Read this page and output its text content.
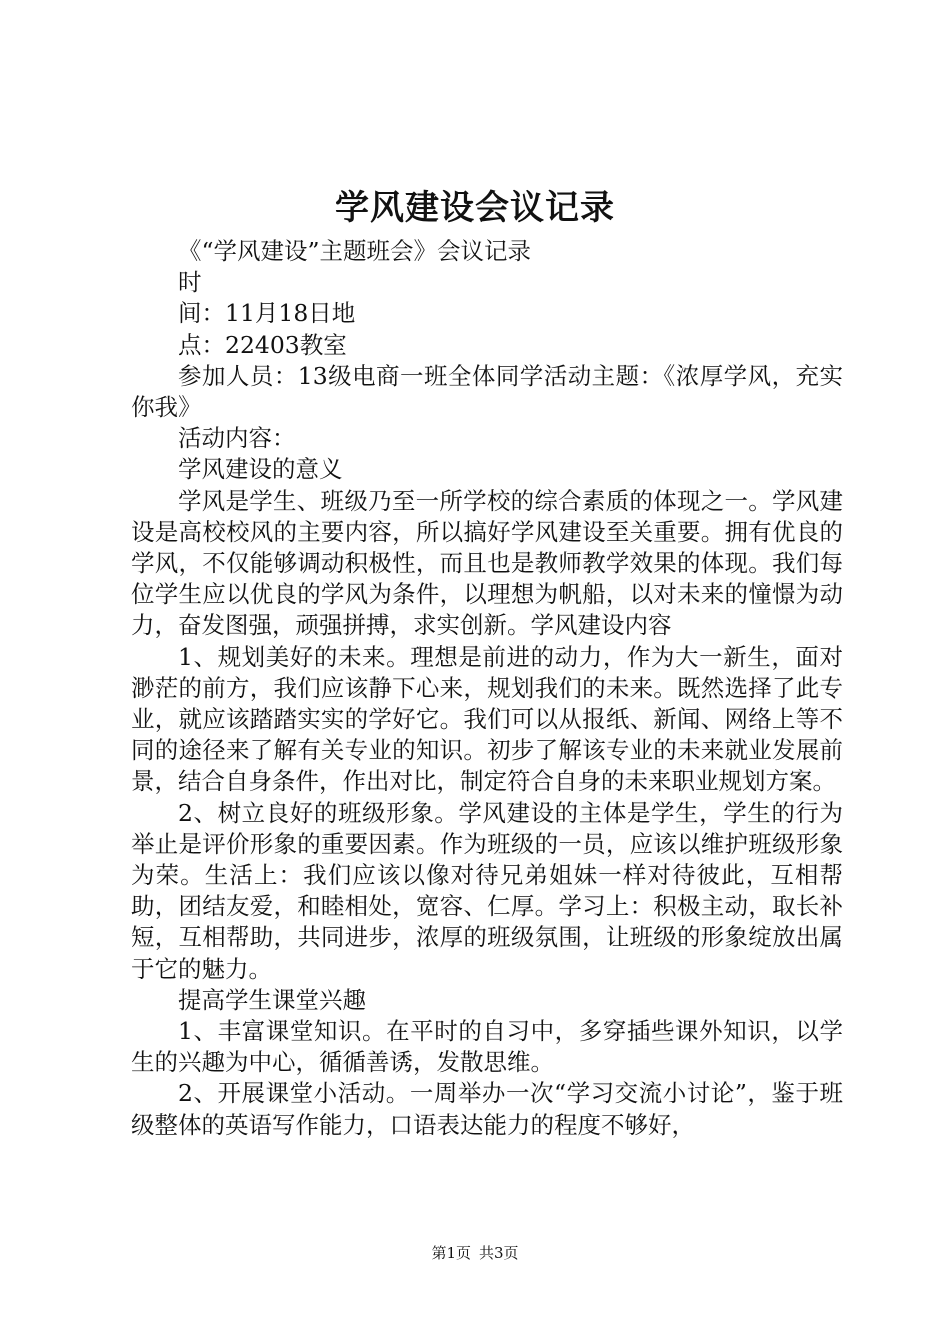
学风建设会议记录

《“学风建设”主题班会》会议记录

时

间：11月18日地

点：22403教室

参加人员：13级电商一班全体同学活动主题：《浓厚学风，充实你我》

活动内容：

学风建设的意义

学风是学生、班级乃至一所学校的综合素质的体现之一。学风建设是高校校风的主要内容，所以搞好学风建设至关重要。拥有优良的学风，不仅能够调动积极性，而且也是教师教学效果的体现。我们每位学生应以优良的学风为条件，以理想为帆船，以对未来的憧憬为动力，奋发图强，顽强拼搏，求实创新。学风建设内容

1、规划美好的未来。理想是前进的动力，作为大一新生，面对渺茫的前方，我们应该静下心来，规划我们的未来。既然选择了此专业，就应该踏踏实实的学好它。我们可以从报纸、新闻、网络上等不同的途径来了解有关专业的知识。初步了解该专业的未来就业发展前景，结合自身条件，作出对比，制定符合自身的未来职业规划方案。

2、树立良好的班级形象。学风建设的主体是学生，学生的行为举止是评价形象的重要因素。作为班级的一员，应该以维护班级形象为荣。生活上：我们应该以像对待兄弟姐妹一样对待彼此，互相帮助，团结友爱，和睦相处，宽容、仁厚。学习上：积极主动，取长补短，互相帮助，共同进步，浓厚的班级氛围，让班级的形象绽放出属于它的魅力。

提高学生课堂兴趣

1、丰富课堂知识。在平时的自习中，多穿插些课外知识，以学生的兴趣为中心，循循善诱，发散思维。

2、开展课堂小活动。一周举办一次“学习交流小讨论”，鉴于班级整体的英语写作能力，口语表达能力的程度不够好，

第1页 共3页
